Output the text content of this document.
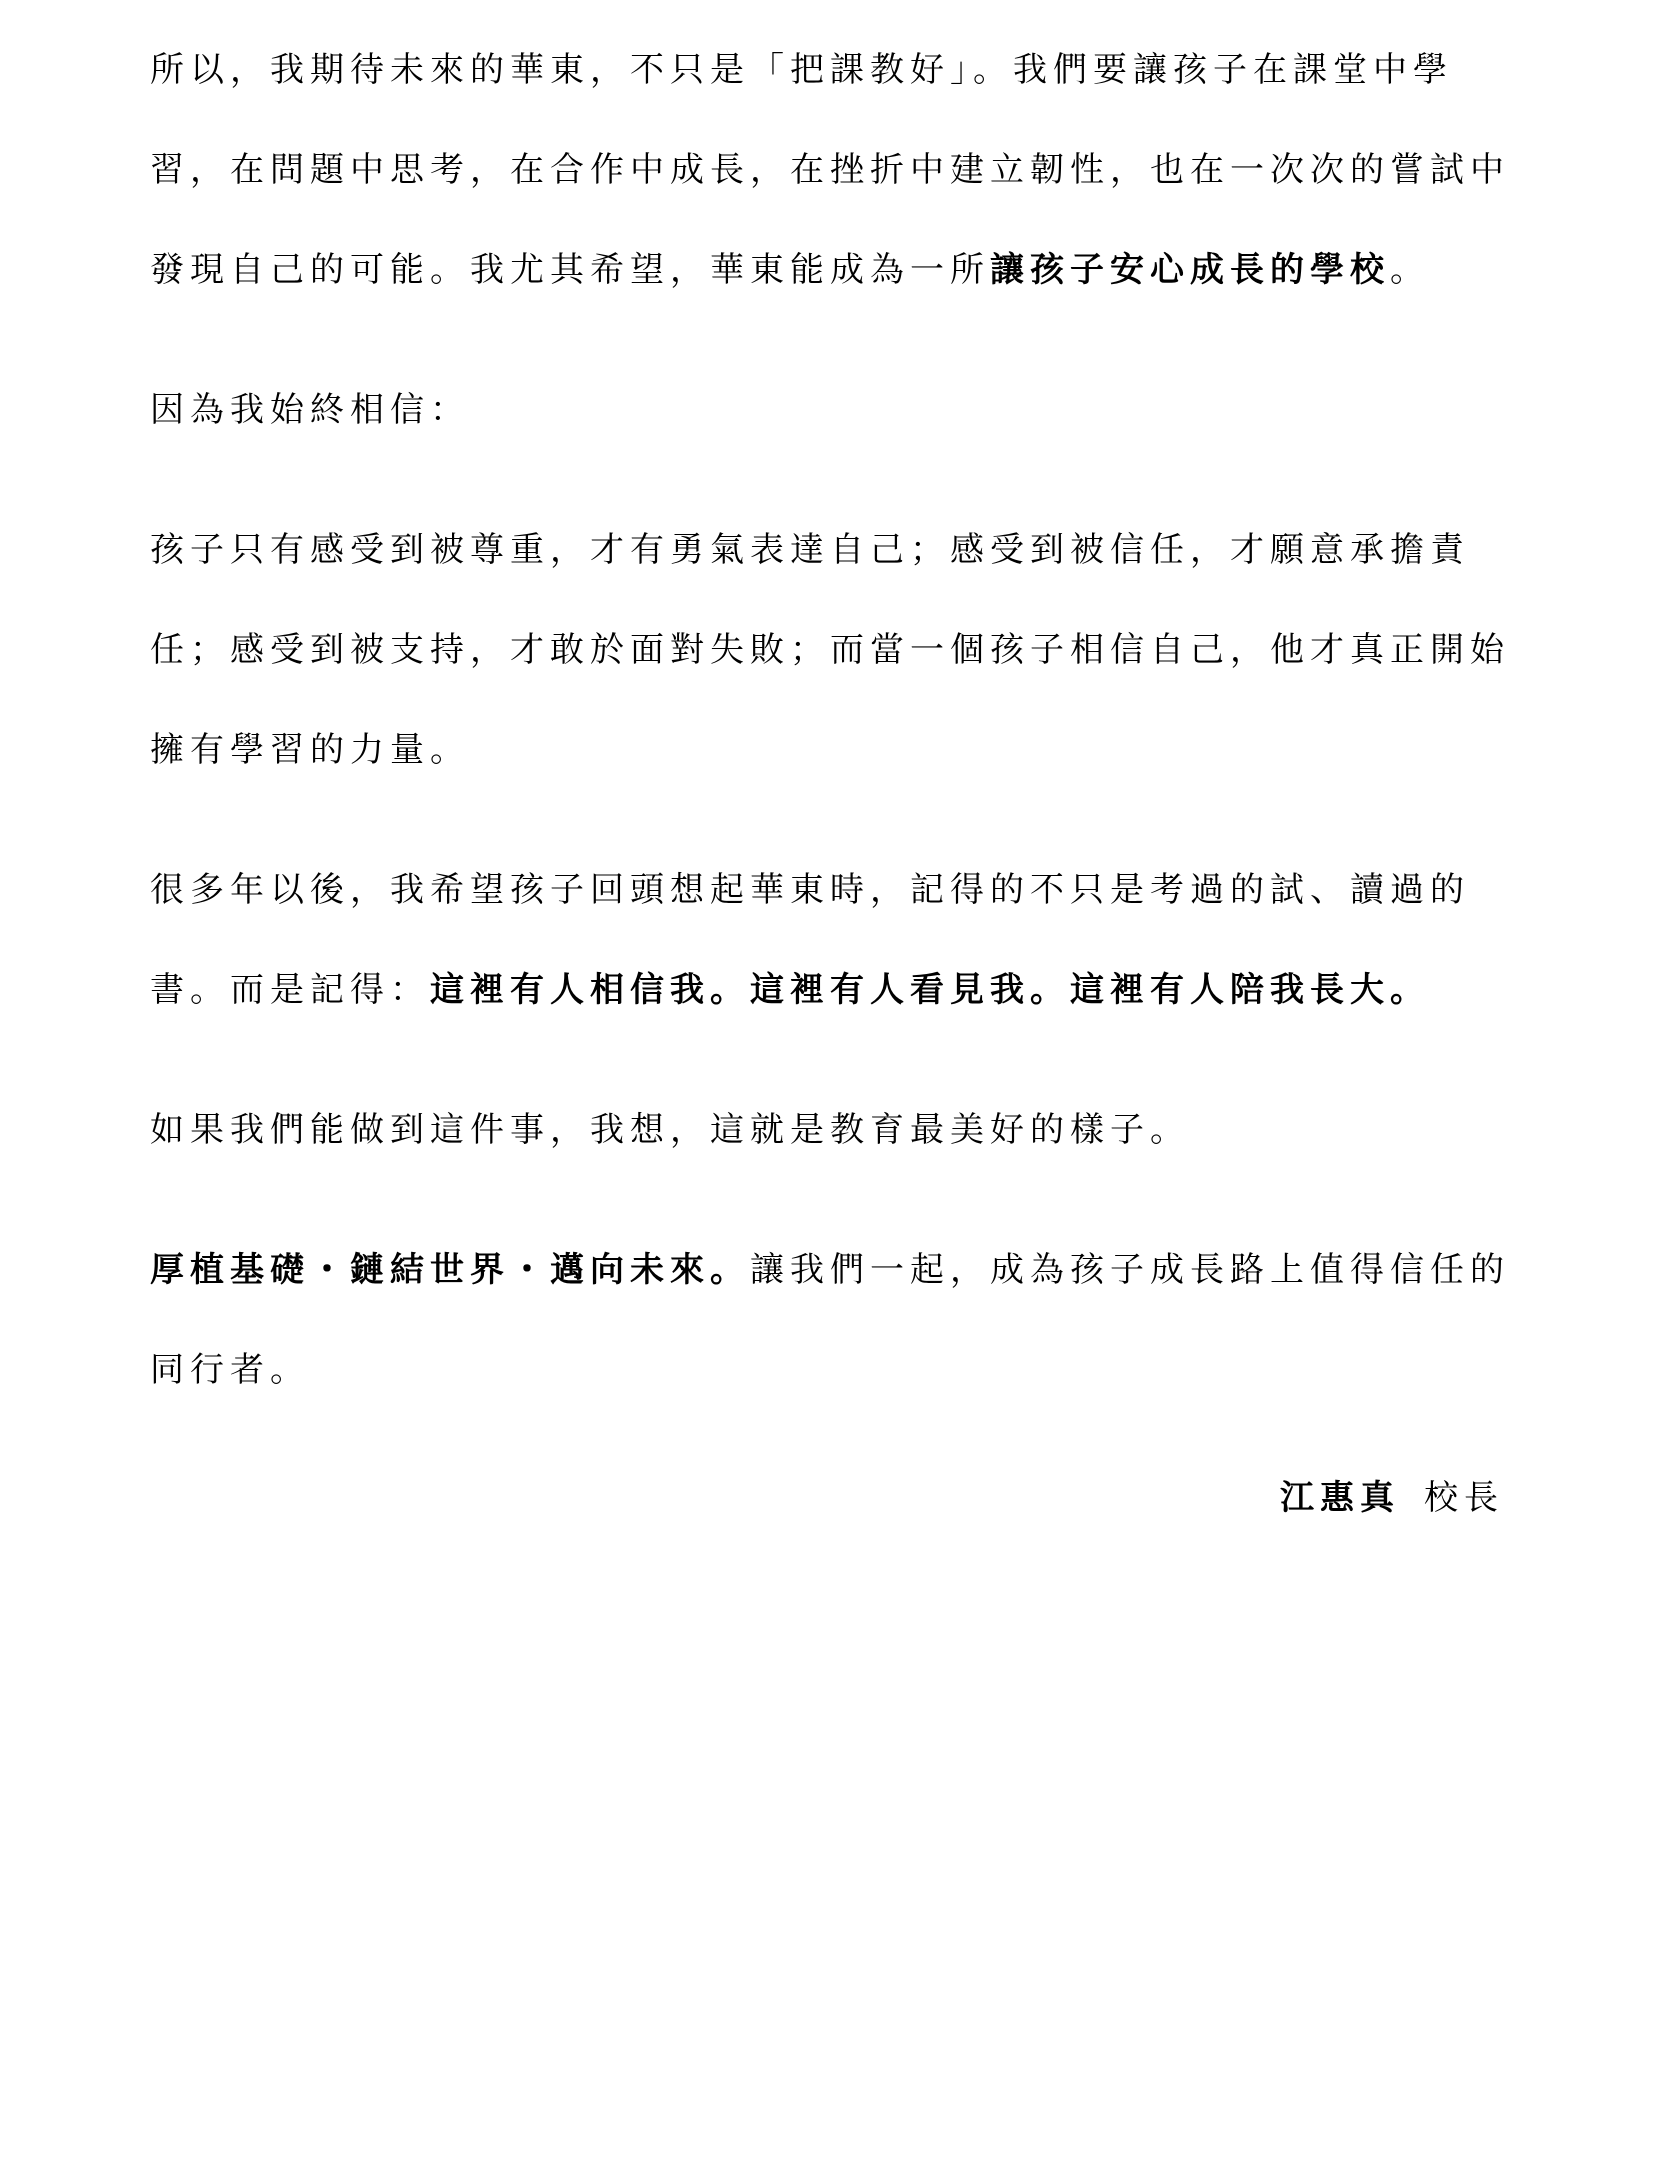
所以，我期待未來的華東，不只是「把課教好」。我們要讓孩子在課堂中學
習，在問題中思考，在合作中成長，在挫折中建立韌性，也在一次次的嘗試中
發現自己的可能。我尤其希望，華東能成為一所讓孩子安心成長的學校。
因為我始終相信：
孩子只有感受到被尊重，才有勇氣表達自己；感受到被信任，才願意承擔責
任；感受到被支持，才敢於面對失敗；而當一個孩子相信自己，他才真正開始
擁有學習的力量。
很多年以後，我希望孩子回頭想起華東時，記得的不只是考過的試、讀過的
書。而是記得：這裡有人相信我。這裡有人看見我。這裡有人陪我長大。
如果我們能做到這件事，我想，這就是教育最美好的樣子。
厚植基礎・鏈結世界・邁向未來。讓我們一起，成為孩子成長路上值得信任的
同行者。
江惠真 校長
